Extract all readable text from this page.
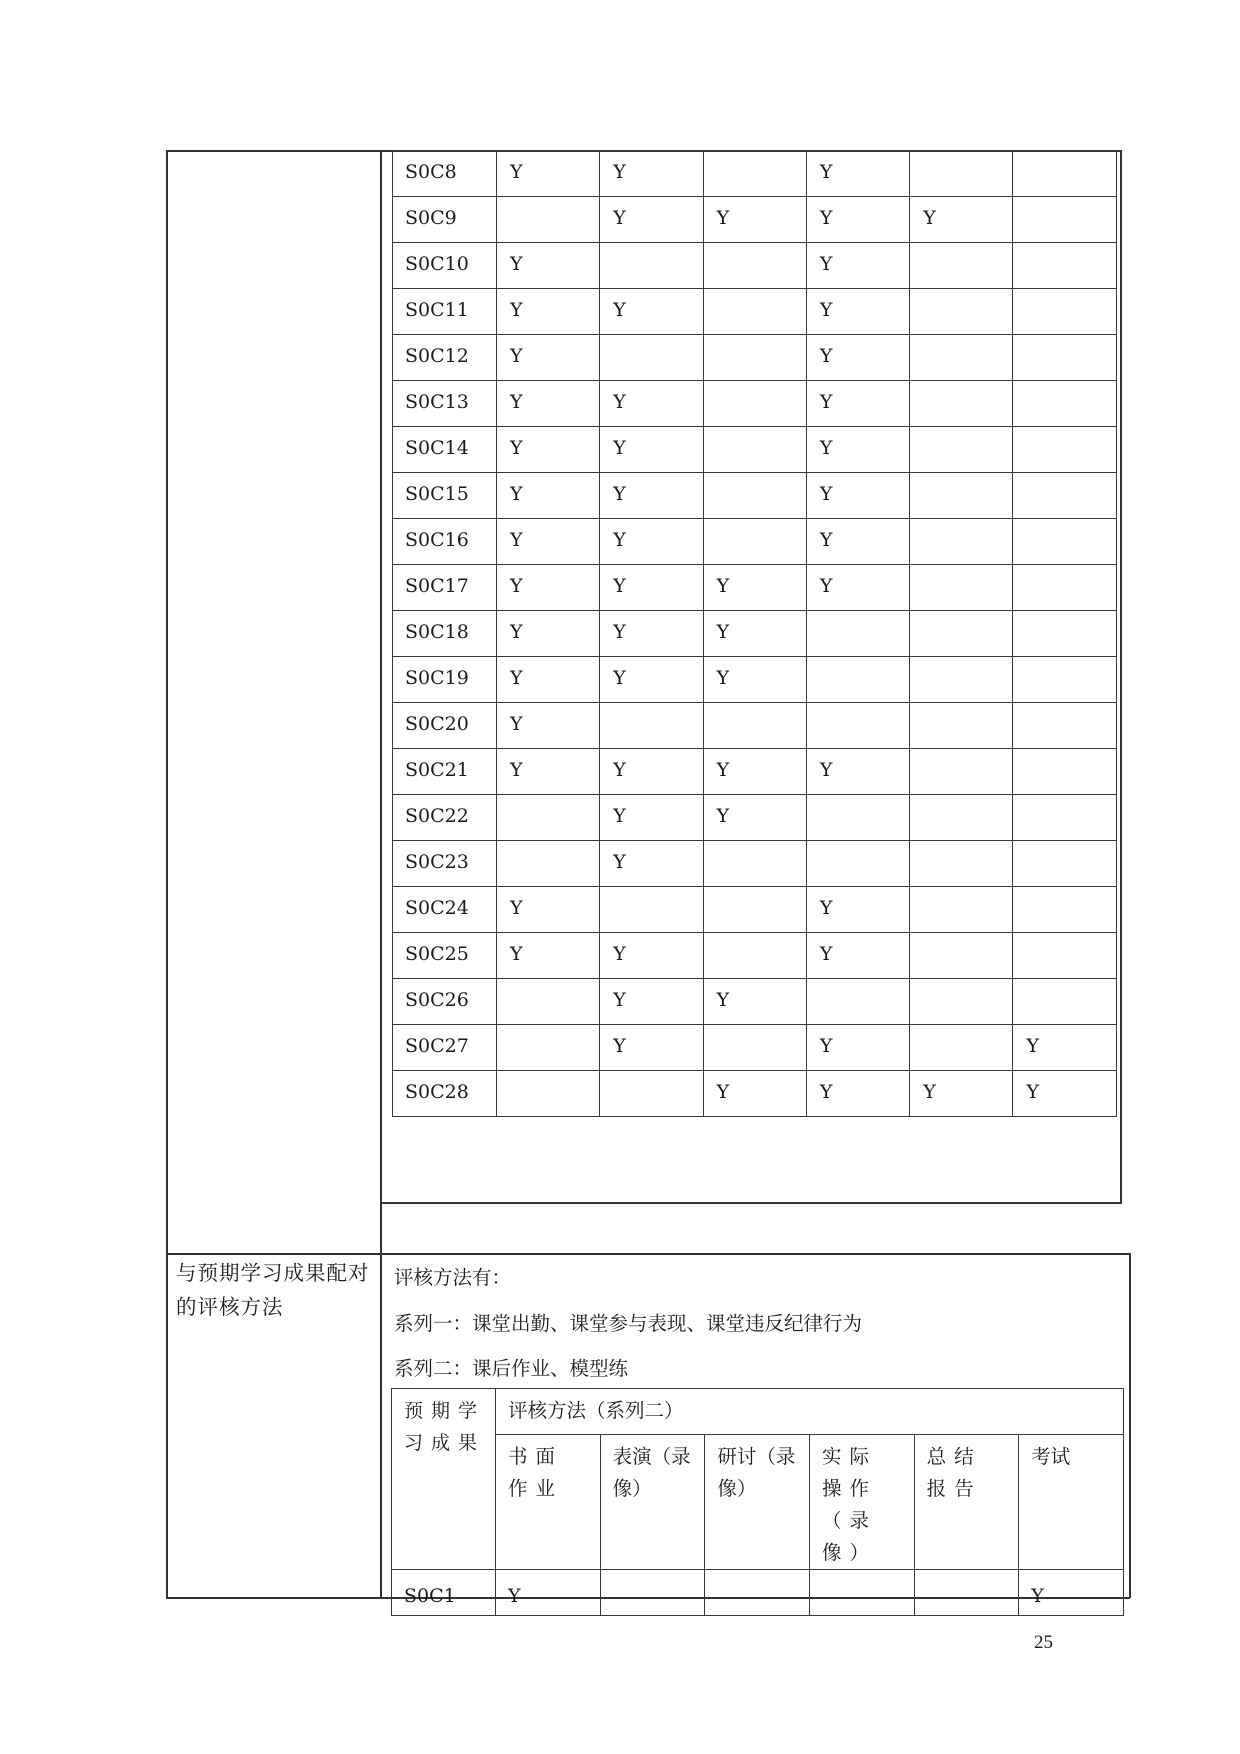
S0C8	Y	Y		Y		
S0C9		Y	Y	Y	Y	
S0C10	Y			Y		
S0C11	Y	Y		Y		
S0C12	Y			Y		
S0C13	Y	Y		Y		
S0C14	Y	Y		Y		
S0C15	Y	Y		Y		
S0C16	Y	Y		Y		
S0C17	Y	Y	Y	Y		
S0C18	Y	Y	Y			
S0C19	Y	Y	Y			
S0C20	Y					
S0C21	Y	Y	Y	Y		
S0C22		Y	Y			
S0C23		Y				
S0C24	Y			Y		
S0C25	Y	Y		Y		
S0C26		Y	Y			
S0C27		Y		Y		Y
S0C28			Y	Y	Y	Y
与预期学习成果配对的评核方法
评核方法有：
系列一：课堂出勤、课堂参与表现、课堂违反纪律行为
系列二：课后作业、模型练
预期学习成果	评核方法（系列二）					
	书面作业	表演（录像）	研讨（录像）	实际操作（录像）	总结报告	考试
S0C1	Y					Y
25
